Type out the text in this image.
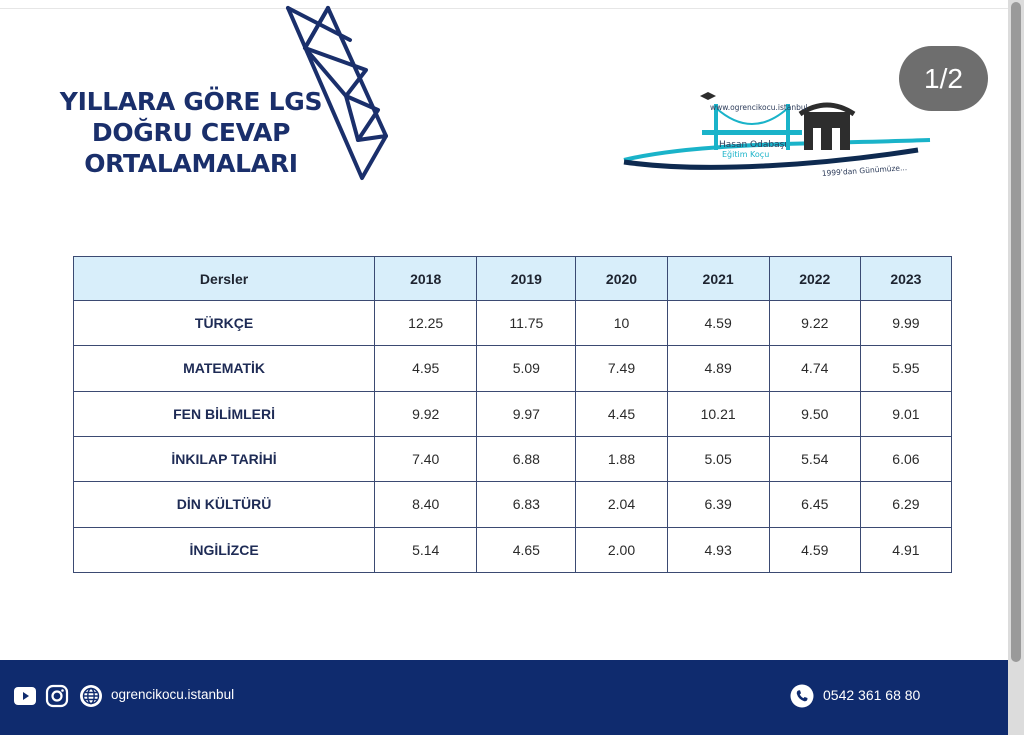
YILLARA GÖRE LGS
DOĞRU CEVAP
ORTALAMALARI
1/2
www.ogrencikocu.istanbul
Hasan Odabaşı
Eğitim Koçu
1999'dan Günümüze...
Dersler	2018	2019	2020	2021	2022	2023
TÜRKÇE	12.25	11.75	10	4.59	9.22	9.99
MATEMATİK	4.95	5.09	7.49	4.89	4.74	5.95
FEN BİLİMLERİ	9.92	9.97	4.45	10.21	9.50	9.01
İNKILAP TARİHİ	7.40	6.88	1.88	5.05	5.54	6.06
DİN KÜLTÜRÜ	8.40	6.83	2.04	6.39	6.45	6.29
İNGİLİZCE	5.14	4.65	2.00	4.93	4.59	4.91
ogrencikocu.istanbul	0542 361 68 80
